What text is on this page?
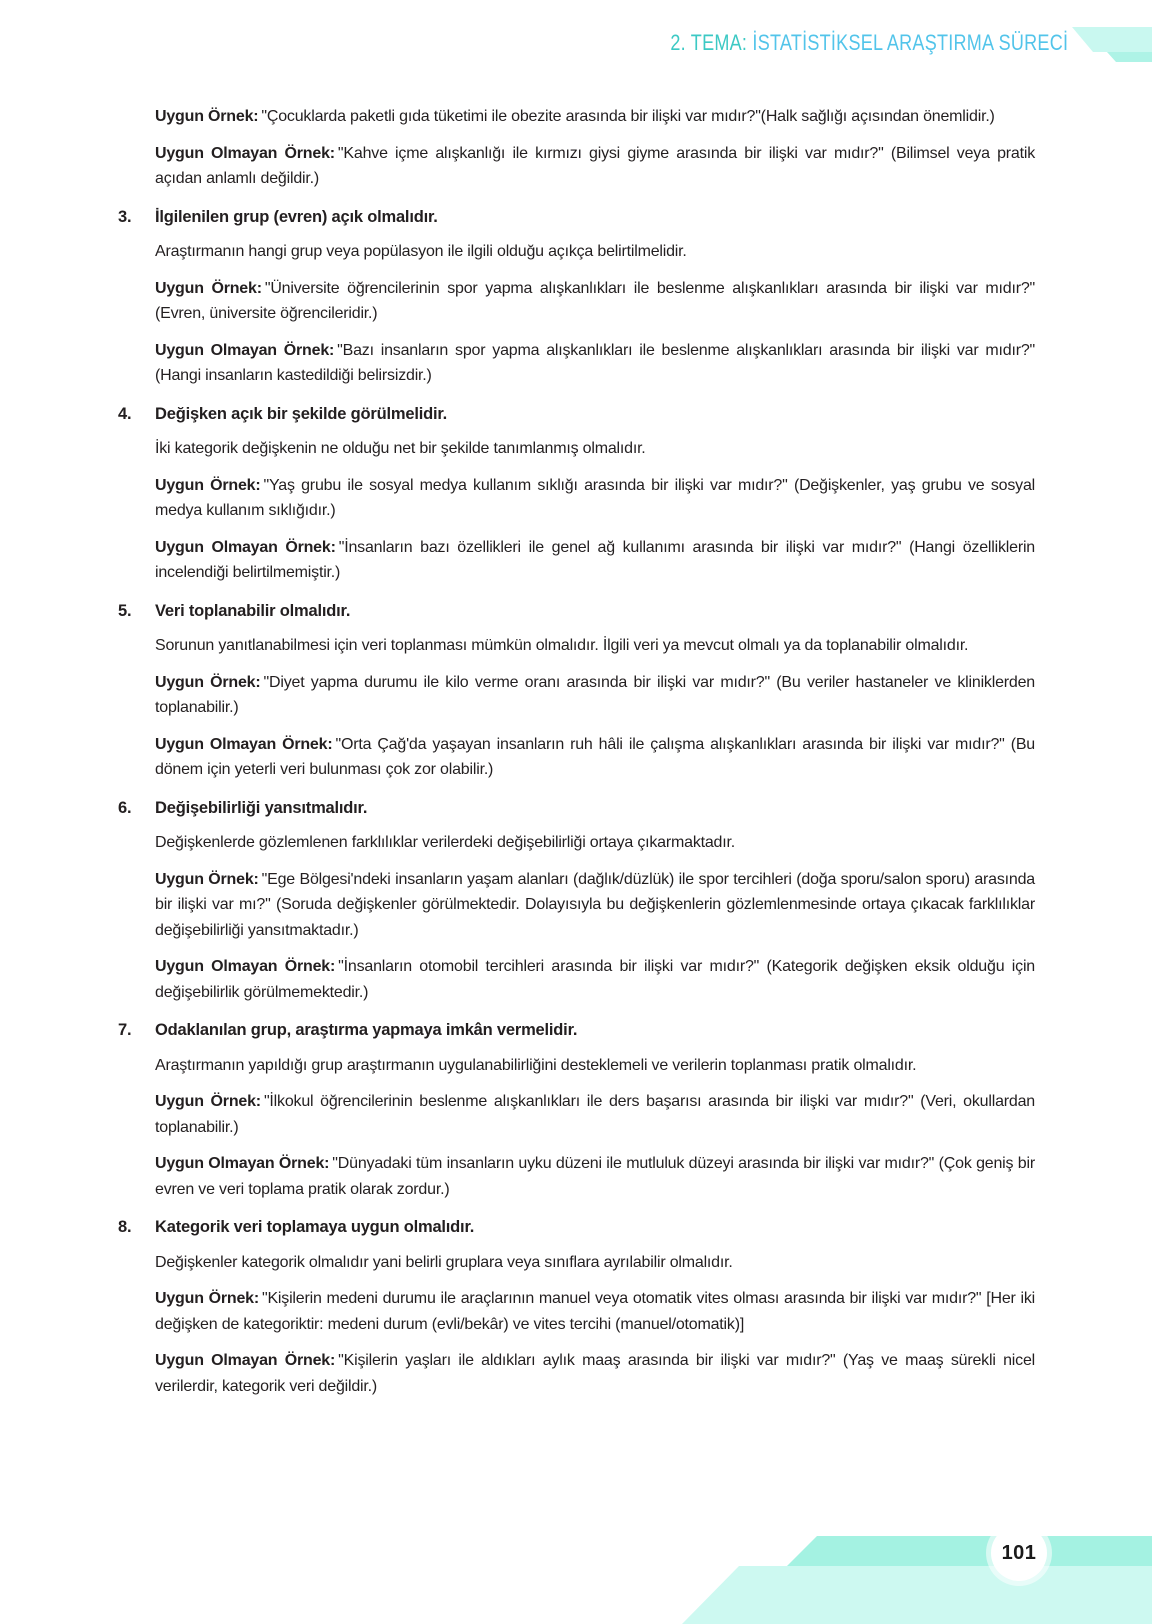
2. TEMA: İSTATİSTİKSEL ARAŞTIRMA SÜRECİ

Uygun Örnek: "Çocuklarda paketli gıda tüketimi ile obezite arasında bir ilişki var mıdır?"(Halk sağlığı açısından önemlidir.)

Uygun Olmayan Örnek: "Kahve içme alışkanlığı ile kırmızı giysi giyme arasında bir ilişki var mıdır?" (Bilimsel veya pratik açıdan anlamlı değildir.)

3.	İlgilenilen grup (evren) açık olmalıdır.

Araştırmanın hangi grup veya popülasyon ile ilgili olduğu açıkça belirtilmelidir.

Uygun Örnek: "Üniversite öğrencilerinin spor yapma alışkanlıkları ile beslenme alışkanlıkları arasında bir ilişki var mıdır?" (Evren, üniversite öğrencileridir.)

Uygun Olmayan Örnek: "Bazı insanların spor yapma alışkanlıkları ile beslenme alışkanlıkları arasında bir ilişki var mıdır?" (Hangi insanların kastedildiği belirsizdir.)

4.	Değişken açık bir şekilde görülmelidir.

İki kategorik değişkenin ne olduğu net bir şekilde tanımlanmış olmalıdır.

Uygun Örnek: "Yaş grubu ile sosyal medya kullanım sıklığı arasında bir ilişki var mıdır?" (Değişkenler, yaş grubu ve sosyal medya kullanım sıklığıdır.)

Uygun Olmayan Örnek: "İnsanların bazı özellikleri ile genel ağ kullanımı arasında bir ilişki var mıdır?" (Hangi özelliklerin incelendiği belirtilmemiştir.)

5.	Veri toplanabilir olmalıdır.

Sorunun yanıtlanabilmesi için veri toplanması mümkün olmalıdır. İlgili veri ya mevcut olmalı ya da toplanabilir olmalıdır.

Uygun Örnek: "Diyet yapma durumu ile kilo verme oranı arasında bir ilişki var mıdır?" (Bu veriler hastaneler ve kliniklerden toplanabilir.)

Uygun Olmayan Örnek: "Orta Çağ'da yaşayan insanların ruh hâli ile çalışma alışkanlıkları arasında bir ilişki var mıdır?" (Bu dönem için yeterli veri bulunması çok zor olabilir.)

6.	Değişebilirliği yansıtmalıdır.

Değişkenlerde gözlemlenen farklılıklar verilerdeki değişebilirliği ortaya çıkarmaktadır.

Uygun Örnek: "Ege Bölgesi'ndeki insanların yaşam alanları (dağlık/düzlük) ile spor tercihleri (doğa sporu/salon sporu) arasında bir ilişki var mı?" (Soruda değişkenler görülmektedir. Dolayısıyla bu değişkenlerin gözlemlenmesinde ortaya çıkacak farklılıklar değişebilirliği yansıtmaktadır.)

Uygun Olmayan Örnek: "İnsanların otomobil tercihleri arasında bir ilişki var mıdır?" (Kategorik değişken eksik olduğu için değişebilirlik görülmemektedir.)

7.	Odaklanılan grup, araştırma yapmaya imkân vermelidir.

Araştırmanın yapıldığı grup araştırmanın uygulanabilirliğini desteklemeli ve verilerin toplanması pratik olmalıdır.

Uygun Örnek: "İlkokul öğrencilerinin beslenme alışkanlıkları ile ders başarısı arasında bir ilişki var mıdır?" (Veri, okullardan toplanabilir.)

Uygun Olmayan Örnek: "Dünyadaki tüm insanların uyku düzeni ile mutluluk düzeyi arasında bir ilişki var mıdır?" (Çok geniş bir evren ve veri toplama pratik olarak zordur.)

8.	Kategorik veri toplamaya uygun olmalıdır.

Değişkenler kategorik olmalıdır yani belirli gruplara veya sınıflara ayrılabilir olmalıdır.

Uygun Örnek: "Kişilerin medeni durumu ile araçlarının manuel veya otomatik vites olması arasında bir ilişki var mıdır?" [Her iki değişken de kategoriktir: medeni durum (evli/bekâr) ve vites tercihi (manuel/otomatik)]

Uygun Olmayan Örnek: "Kişilerin yaşları ile aldıkları aylık maaş arasında bir ilişki var mıdır?" (Yaş ve maaş sürekli nicel verilerdir, kategorik veri değildir.)

101
